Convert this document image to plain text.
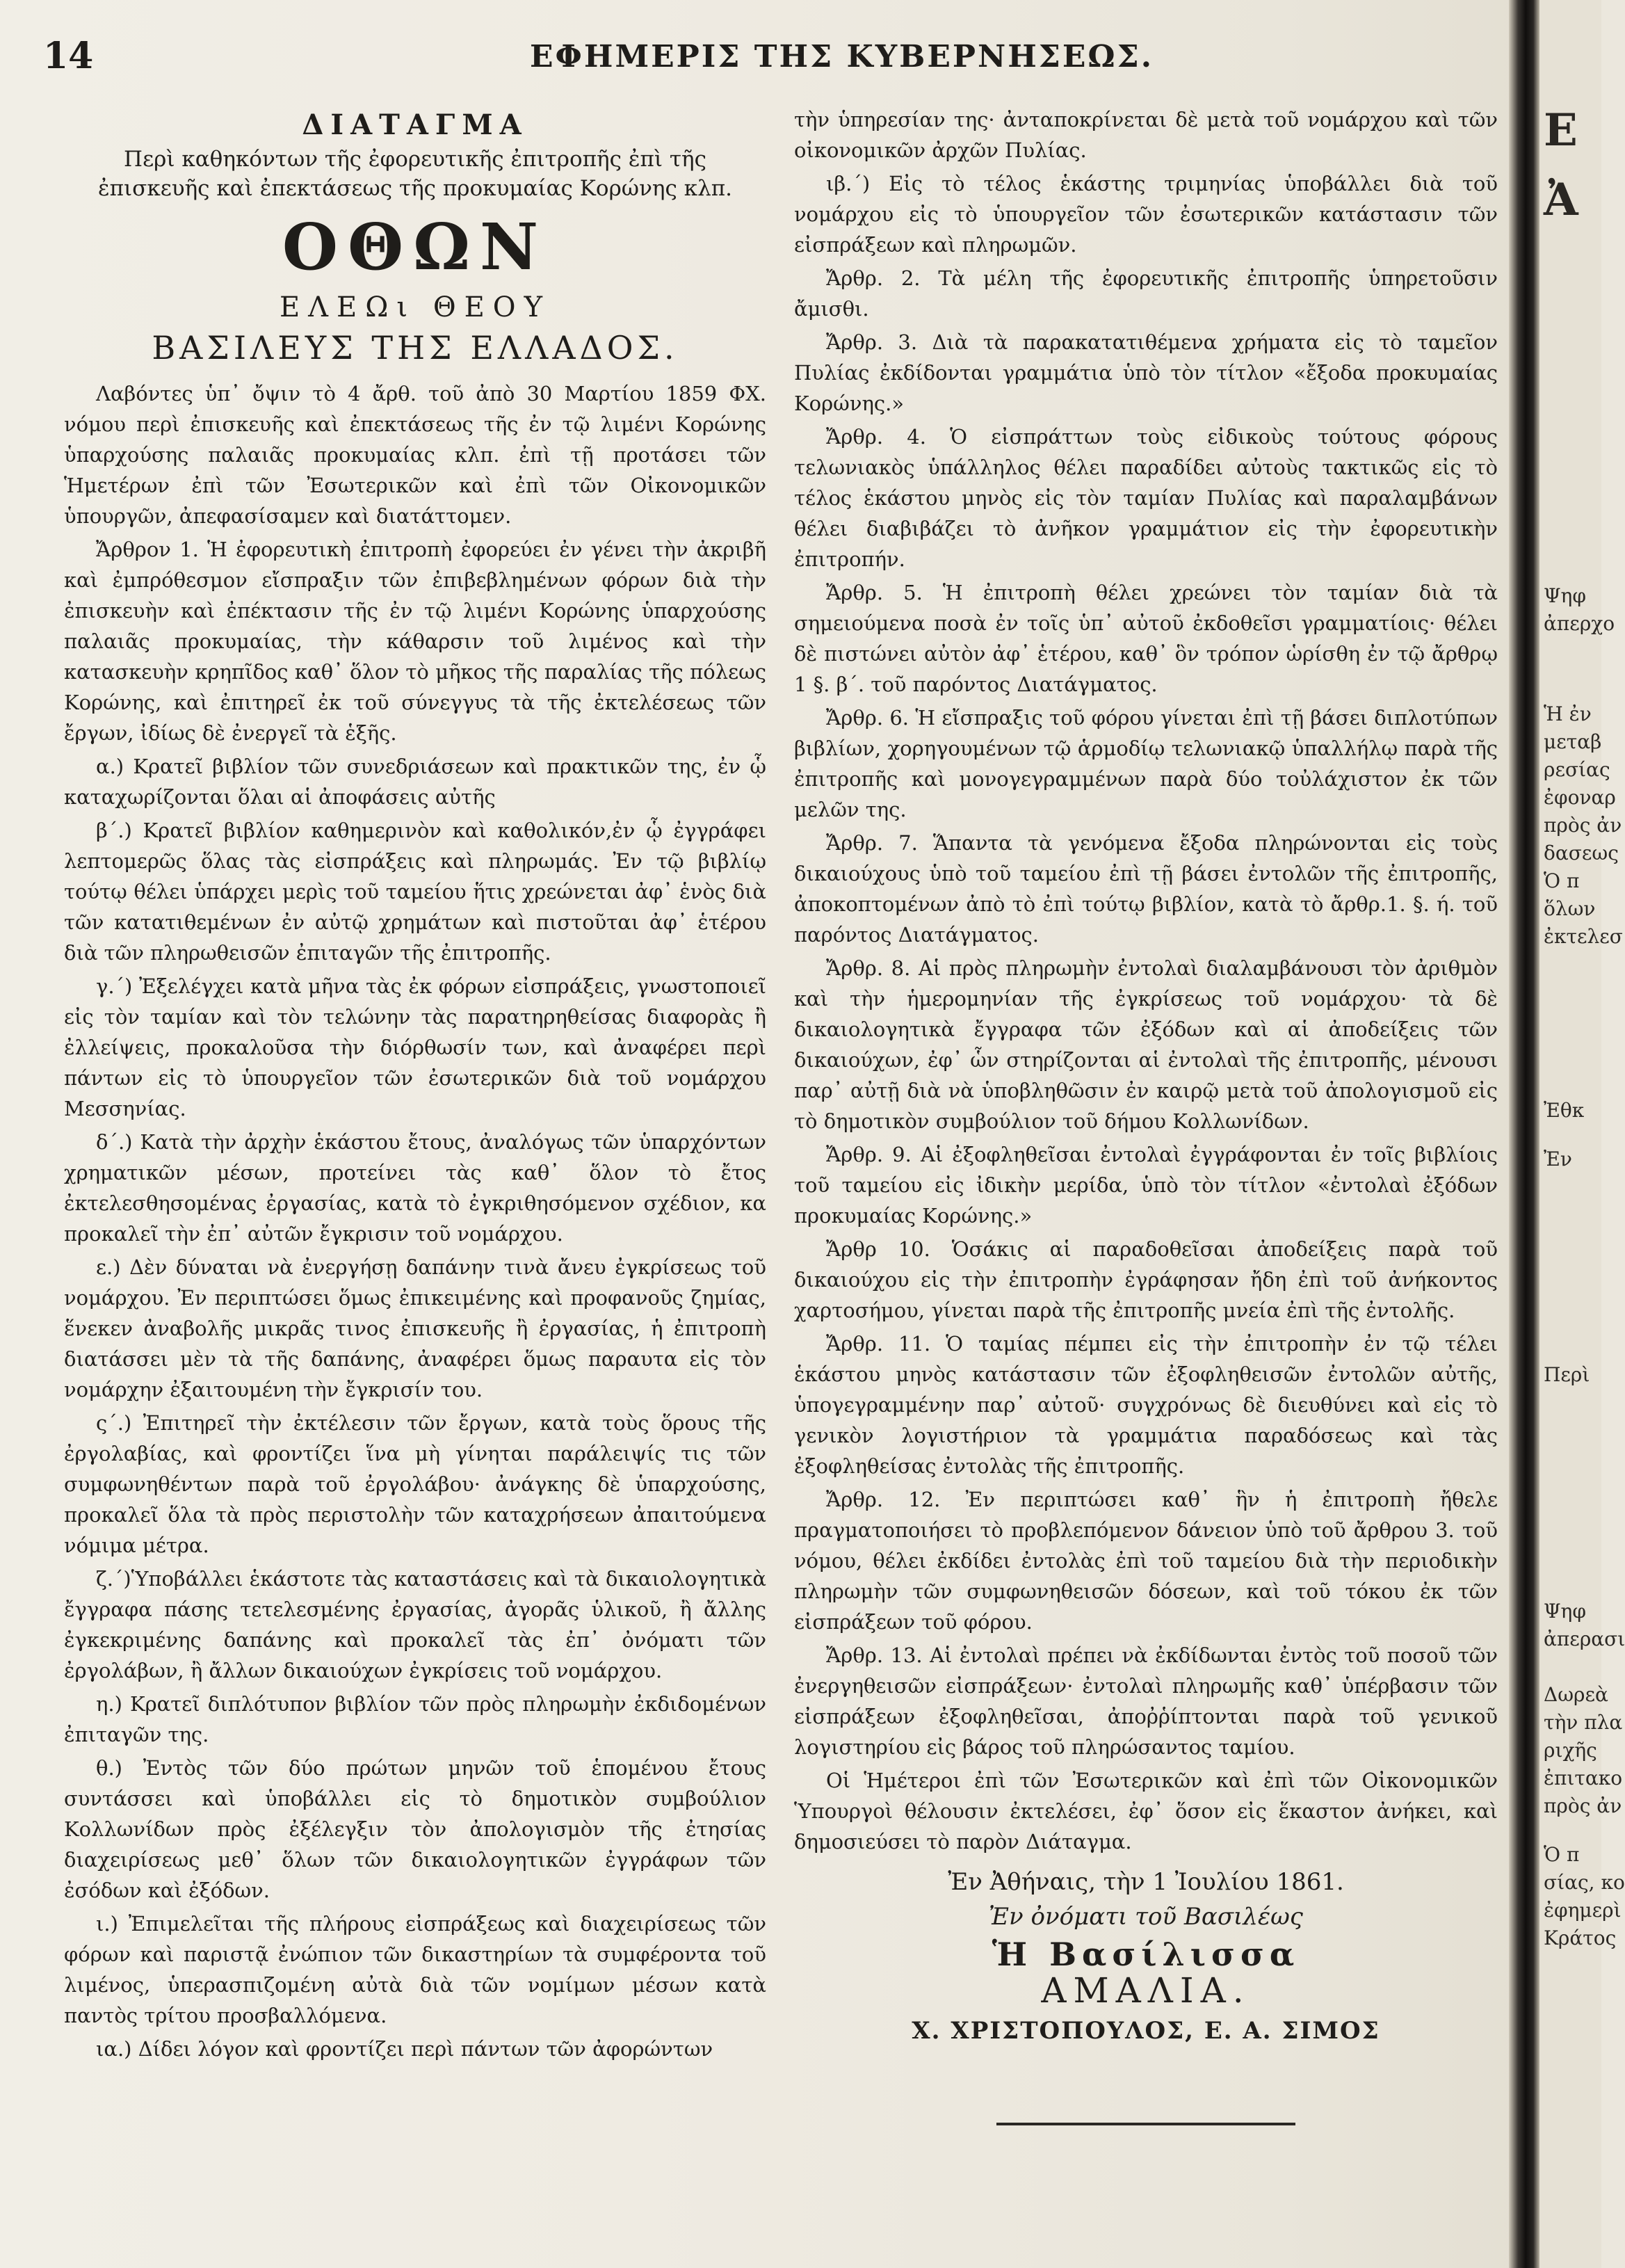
14	ΕΦΗΜΕΡΙΣ ΤΗΣ ΚΥΒΕΡΝΗΣΕΩΣ.
ΔΙΑΤΑΓΜΑ
Περὶ καθηκόντων τῆς ἐφορευτικῆς ἐπιτροπῆς ἐπὶ τῆς ἐπισκευῆς καὶ ἐπεκτάσεως τῆς προκυμαίας Κορώνης κλπ.
ΟΘΩΝ
ΕΛΕΩι ΘΕΟΥ
ΒΑΣΙΛΕΥΣ ΤΗΣ ΕΛΛΑΔΟΣ.

Λαβόντες ὑπ᾿ ὄψιν τὸ 4 ἄρθ. τοῦ ἀπὸ 30 Μαρτίου 1859 ΦΧ. νόμου περὶ ἐπισκευῆς καὶ ἐπεκτάσεως τῆς ἐν τῷ λιμένι Κορώνης ὑπαρχούσης παλαιᾶς προκυμαίας κλπ. ἐπὶ τῇ προτάσει τῶν Ἡμετέρων ἐπὶ τῶν Ἐσωτερικῶν καὶ ἐπὶ τῶν Οἰκονομικῶν ὑπουργῶν, ἀπεφασίσαμεν καὶ διατάττομεν.

Ἄρθρον 1. Ἡ ἐφορευτικὴ ἐπιτροπὴ ἐφορεύει ἐν γένει τὴν ἀκριβῆ καὶ ἐμπρόθεσμον εἴσπραξιν τῶν ἐπιβεβλημένων φόρων διὰ τὴν ἐπισκευὴν καὶ ἐπέκτασιν τῆς ἐν τῷ λιμένι Κορώνης ὑπαρχούσης παλαιᾶς προκυμαίας, τὴν κάθαρσιν τοῦ λιμένος καὶ τὴν κατασκευὴν κρηπῖδος καθ᾿ ὅλον τὸ μῆκος τῆς παραλίας τῆς πόλεως Κορώνης, καὶ ἐπιτηρεῖ ἐκ τοῦ σύνεγγυς τὰ τῆς ἐκτελέσεως τῶν ἔργων, ἰδίως δὲ ἐνεργεῖ τὰ ἑξῆς.

α.) Κρατεῖ βιβλίον τῶν συνεδριάσεων καὶ πρακτικῶν της, ἐν ᾧ καταχωρίζονται ὅλαι αἱ ἀποφάσεις αὐτῆς

β΄.) Κρατεῖ βιβλίον καθημερινὸν καὶ καθολικόν,ἐν ᾧ ἐγγράφει λεπτομερῶς ὅλας τὰς εἰσπράξεις καὶ πληρωμάς. Ἐν τῷ βιβλίῳ τούτῳ θέλει ὑπάρχει μερὶς τοῦ ταμείου ἥτις χρεώνεται ἀφ᾿ ἑνὸς διὰ τῶν κατατιθεμένων ἐν αὐτῷ χρημάτων καὶ πιστοῦται ἀφ᾿ ἑτέρου διὰ τῶν πληρωθεισῶν ἐπιταγῶν τῆς ἐπιτροπῆς.

γ.΄) Ἐξελέγχει κατὰ μῆνα τὰς ἐκ φόρων εἰσπράξεις, γνωστοποιεῖ εἰς τὸν ταμίαν καὶ τὸν τελώνην τὰς παρατηρηθείσας διαφορὰς ἢ ἐλλείψεις, προκαλοῦσα τὴν διόρθωσίν των, καὶ ἀναφέρει περὶ πάντων εἰς τὸ ὑπουργεῖον τῶν ἐσωτερικῶν διὰ τοῦ νομάρχου Μεσσηνίας.

δ΄.) Κατὰ τὴν ἀρχὴν ἑκάστου ἔτους, ἀναλόγως τῶν ὑπαρχόντων χρηματικῶν μέσων, προτείνει τὰς καθ᾿ ὅλον τὸ ἔτος ἐκτελεσθησομένας ἐργασίας, κατὰ τὸ ἐγκριθησόμενον σχέδιον, κα προκαλεῖ τὴν ἐπ᾿ αὐτῶν ἔγκρισιν τοῦ νομάρχου.

ε.) Δὲν δύναται νὰ ἐνεργήσῃ δαπάνην τινὰ ἄνευ ἐγκρίσεως τοῦ νομάρχου. Ἐν περιπτώσει ὅμως ἐπικειμένης καὶ προφανοῦς ζημίας, ἕνεκεν ἀναβολῆς μικρᾶς τινος ἐπισκευῆς ἢ ἐργασίας, ἡ ἐπιτροπὴ διατάσσει μὲν τὰ τῆς δαπάνης, ἀναφέρει ὅμως παραυτα εἰς τὸν νομάρχην ἐξαιτουμένη τὴν ἔγκρισίν του.

ς΄.) Ἐπιτηρεῖ τὴν ἐκτέλεσιν τῶν ἔργων, κατὰ τοὺς ὅρους τῆς ἐργολαβίας, καὶ φροντίζει ἵνα μὴ γίνηται παράλειψίς τις τῶν συμφωνηθέντων παρὰ τοῦ ἐργολάβου· ἀνάγκης δὲ ὑπαρχούσης, προκαλεῖ ὅλα τὰ πρὸς περιστολὴν τῶν καταχρήσεων ἀπαιτούμενα νόμιμα μέτρα.

ζ.΄)Ὑποβάλλει ἑκάστοτε τὰς καταστάσεις καὶ τὰ δικαιολογητικὰ ἔγγραφα πάσης τετελεσμένης ἐργασίας, ἀγορᾶς ὑλικοῦ, ἢ ἄλλης ἐγκεκριμένης δαπάνης καὶ προκαλεῖ τὰς ἐπ᾿ ὀνόματι τῶν ἐργολάβων, ἢ ἄλλων δικαιούχων ἐγκρίσεις τοῦ νομάρχου.

η.) Κρατεῖ διπλότυπον βιβλίον τῶν πρὸς πληρωμὴν ἐκδιδομένων ἐπιταγῶν της.

θ.) Ἐντὸς τῶν δύο πρώτων μηνῶν τοῦ ἑπομένου ἔτους συντάσσει καὶ ὑποβάλλει εἰς τὸ δημοτικὸν συμβούλιον Κολλωνίδων πρὸς ἐξέλεγξιν τὸν ἀπολογισμὸν τῆς ἐτησίας διαχειρίσεως μεθ᾿ ὅλων τῶν δικαιολογητικῶν ἐγγράφων τῶν ἐσόδων καὶ ἐξόδων.

ι.) Ἐπιμελεῖται τῆς πλήρους εἰσπράξεως καὶ διαχειρίσεως τῶν φόρων καὶ παριστᾷ ἐνώπιον τῶν δικαστηρίων τὰ συμφέροντα τοῦ λιμένος, ὑπερασπιζομένη αὐτὰ διὰ τῶν νομίμων μέσων κατὰ παντὸς τρίτου προσβαλλόμενα.

ια.) Δίδει λόγον καὶ φροντίζει περὶ πάντων τῶν ἀφορώντων

τὴν ὑπηρεσίαν της· ἀνταποκρίνεται δὲ μετὰ τοῦ νομάρχου καὶ τῶν οἰκονομικῶν ἀρχῶν Πυλίας.

ιβ.΄) Εἰς τὸ τέλος ἑκάστης τριμηνίας ὑποβάλλει διὰ τοῦ νομάρχου εἰς τὸ ὑπουργεῖον τῶν ἐσωτερικῶν κατάστασιν τῶν εἰσπράξεων καὶ πληρωμῶν.

Ἄρθρ. 2. Τὰ μέλη τῆς ἐφορευτικῆς ἐπιτροπῆς ὑπηρετοῦσιν ἄμισθι.

Ἄρθρ. 3. Διὰ τὰ παρακατατιθέμενα χρήματα εἰς τὸ ταμεῖον Πυλίας ἐκδίδονται γραμμάτια ὑπὸ τὸν τίτλον «ἔξοδα προκυμαίας Κορώνης.»

Ἄρθρ. 4. Ὁ εἰσπράττων τοὺς εἰδικοὺς τούτους φόρους τελωνιακὸς ὑπάλληλος θέλει παραδίδει αὐτοὺς τακτικῶς εἰς τὸ τέλος ἑκάστου μηνὸς εἰς τὸν ταμίαν Πυλίας καὶ παραλαμβάνων θέλει διαβιβάζει τὸ ἀνῆκον γραμμάτιον εἰς τὴν ἐφορευτικὴν ἐπιτροπήν.

Ἄρθρ. 5. Ἡ ἐπιτροπὴ θέλει χρεώνει τὸν ταμίαν διὰ τὰ σημειούμενα ποσὰ ἐν τοῖς ὑπ᾿ αὐτοῦ ἐκδοθεῖσι γραμματίοις· θέλει δὲ πιστώνει αὐτὸν ἀφ᾿ ἑτέρου, καθ᾿ ὃν τρόπον ὡρίσθη ἐν τῷ ἄρθρῳ 1 §. β΄. τοῦ παρόντος Διατάγματος.

Ἄρθρ. 6. Ἡ εἴσπραξις τοῦ φόρου γίνεται ἐπὶ τῇ βάσει διπλοτύπων βιβλίων, χορηγουμένων τῷ ἁρμοδίῳ τελωνιακῷ ὑπαλλήλῳ παρὰ τῆς ἐπιτροπῆς καὶ μονογεγραμμένων παρὰ δύο τοὐλάχιστον ἐκ τῶν μελῶν της.

Ἄρθρ. 7. Ἅπαντα τὰ γενόμενα ἔξοδα πληρώνονται εἰς τοὺς δικαιούχους ὑπὸ τοῦ ταμείου ἐπὶ τῇ βάσει ἐντολῶν τῆς ἐπιτροπῆς, ἀποκοπτομένων ἀπὸ τὸ ἐπὶ τούτῳ βιβλίον, κατὰ τὸ ἄρθρ.1. §. ή. τοῦ παρόντος Διατάγματος.

Ἄρθρ. 8. Αἱ πρὸς πληρωμὴν ἐντολαὶ διαλαμβάνουσι τὸν ἀριθμὸν καὶ τὴν ἡμερομηνίαν τῆς ἐγκρίσεως τοῦ νομάρχου· τὰ δὲ δικαιολογητικὰ ἔγγραφα τῶν ἐξόδων καὶ αἱ ἀποδείξεις τῶν δικαιούχων, ἐφ᾿ ὧν στηρίζονται αἱ ἐντολαὶ τῆς ἐπιτροπῆς, μένουσι παρ᾿ αὐτῇ διὰ νὰ ὑποβληθῶσιν ἐν καιρῷ μετὰ τοῦ ἀπολογισμοῦ εἰς τὸ δημοτικὸν συμβούλιον τοῦ δήμου Κολλωνίδων.

Ἄρθρ. 9. Αἱ ἐξοφληθεῖσαι ἐντολαὶ ἐγγράφονται ἐν τοῖς βιβλίοις τοῦ ταμείου εἰς ἰδικὴν μερίδα, ὑπὸ τὸν τίτλον «ἐντολαὶ ἐξόδων προκυμαίας Κορώνης.»

Ἄρθρ 10. Ὁσάκις αἱ παραδοθεῖσαι ἀποδείξεις παρὰ τοῦ δικαιούχου εἰς τὴν ἐπιτροπὴν ἐγράφησαν ἤδη ἐπὶ τοῦ ἀνήκοντος χαρτοσήμου, γίνεται παρὰ τῆς ἐπιτροπῆς μνεία ἐπὶ τῆς ἐντολῆς.

Ἄρθρ. 11. Ὁ ταμίας πέμπει εἰς τὴν ἐπιτροπὴν ἐν τῷ τέλει ἑκάστου μηνὸς κατάστασιν τῶν ἐξοφληθεισῶν ἐντολῶν αὐτῆς, ὑπογεγραμμένην παρ᾿ αὐτοῦ· συγχρόνως δὲ διευθύνει καὶ εἰς τὸ γενικὸν λογιστήριον τὰ γραμμάτια παραδόσεως καὶ τὰς ἐξοφληθείσας ἐντολὰς τῆς ἐπιτροπῆς.

Ἄρθρ. 12. Ἐν περιπτώσει καθ᾿ ἣν ἡ ἐπιτροπὴ ἤθελε πραγματοποιήσει τὸ προβλεπόμενον δάνειον ὑπὸ τοῦ ἄρθρου 3. τοῦ νόμου, θέλει ἐκδίδει ἐντολὰς ἐπὶ τοῦ ταμείου διὰ τὴν περιοδικὴν πληρωμὴν τῶν συμφωνηθεισῶν δόσεων, καὶ τοῦ τόκου ἐκ τῶν εἰσπράξεων τοῦ φόρου.

Ἄρθρ. 13. Αἱ ἐντολαὶ πρέπει νὰ ἐκδίδωνται ἐντὸς τοῦ ποσοῦ τῶν ἐνεργηθεισῶν εἰσπράξεων· ἐντολαὶ πληρωμῆς καθ᾿ ὑπέρβασιν τῶν εἰσπράξεων ἐξοφληθεῖσαι, ἀποῤῥίπτονται παρὰ τοῦ γενικοῦ λογιστηρίου εἰς βάρος τοῦ πληρώσαντος ταμίου.

Οἱ Ἡμέτεροι ἐπὶ τῶν Ἐσωτερικῶν καὶ ἐπὶ τῶν Οἰκονομικῶν Ὑπουργοὶ θέλουσιν ἐκτελέσει, ἐφ᾿ ὅσον εἰς ἕκαστον ἀνήκει, καὶ δημοσιεύσει τὸ παρὸν Διάταγμα.

Ἐν Ἀθήναις, τὴν 1 Ἰουλίου 1861.
Ἐν ὀνόματι τοῦ Βασιλέως
Ἡ Βασίλισσα
ΑΜΑΛΙΑ.
Χ. ΧΡΙΣΤΟΠΟΥΛΟΣ, Ε. Α. ΣΙΜΟΣ
Ε
Ἀ
Ψηφ
ἀπερχο
Ἡ ἐν
μεταβ
ρεσίας
ἐφοναρ
πρὸς ἀν
δασεως
Ὁ π
ὅλων
ἐκτελεσ
Ἐθκ
Ἐν
Περὶ
Ψηφ
ἀπερασι
Δωρεὰ
τὴν πλα
ριχῆς
ἐπιτακο
πρὸς ἀν
Ὁ π
σίας, κο
ἐφημερὶ
Κράτος
